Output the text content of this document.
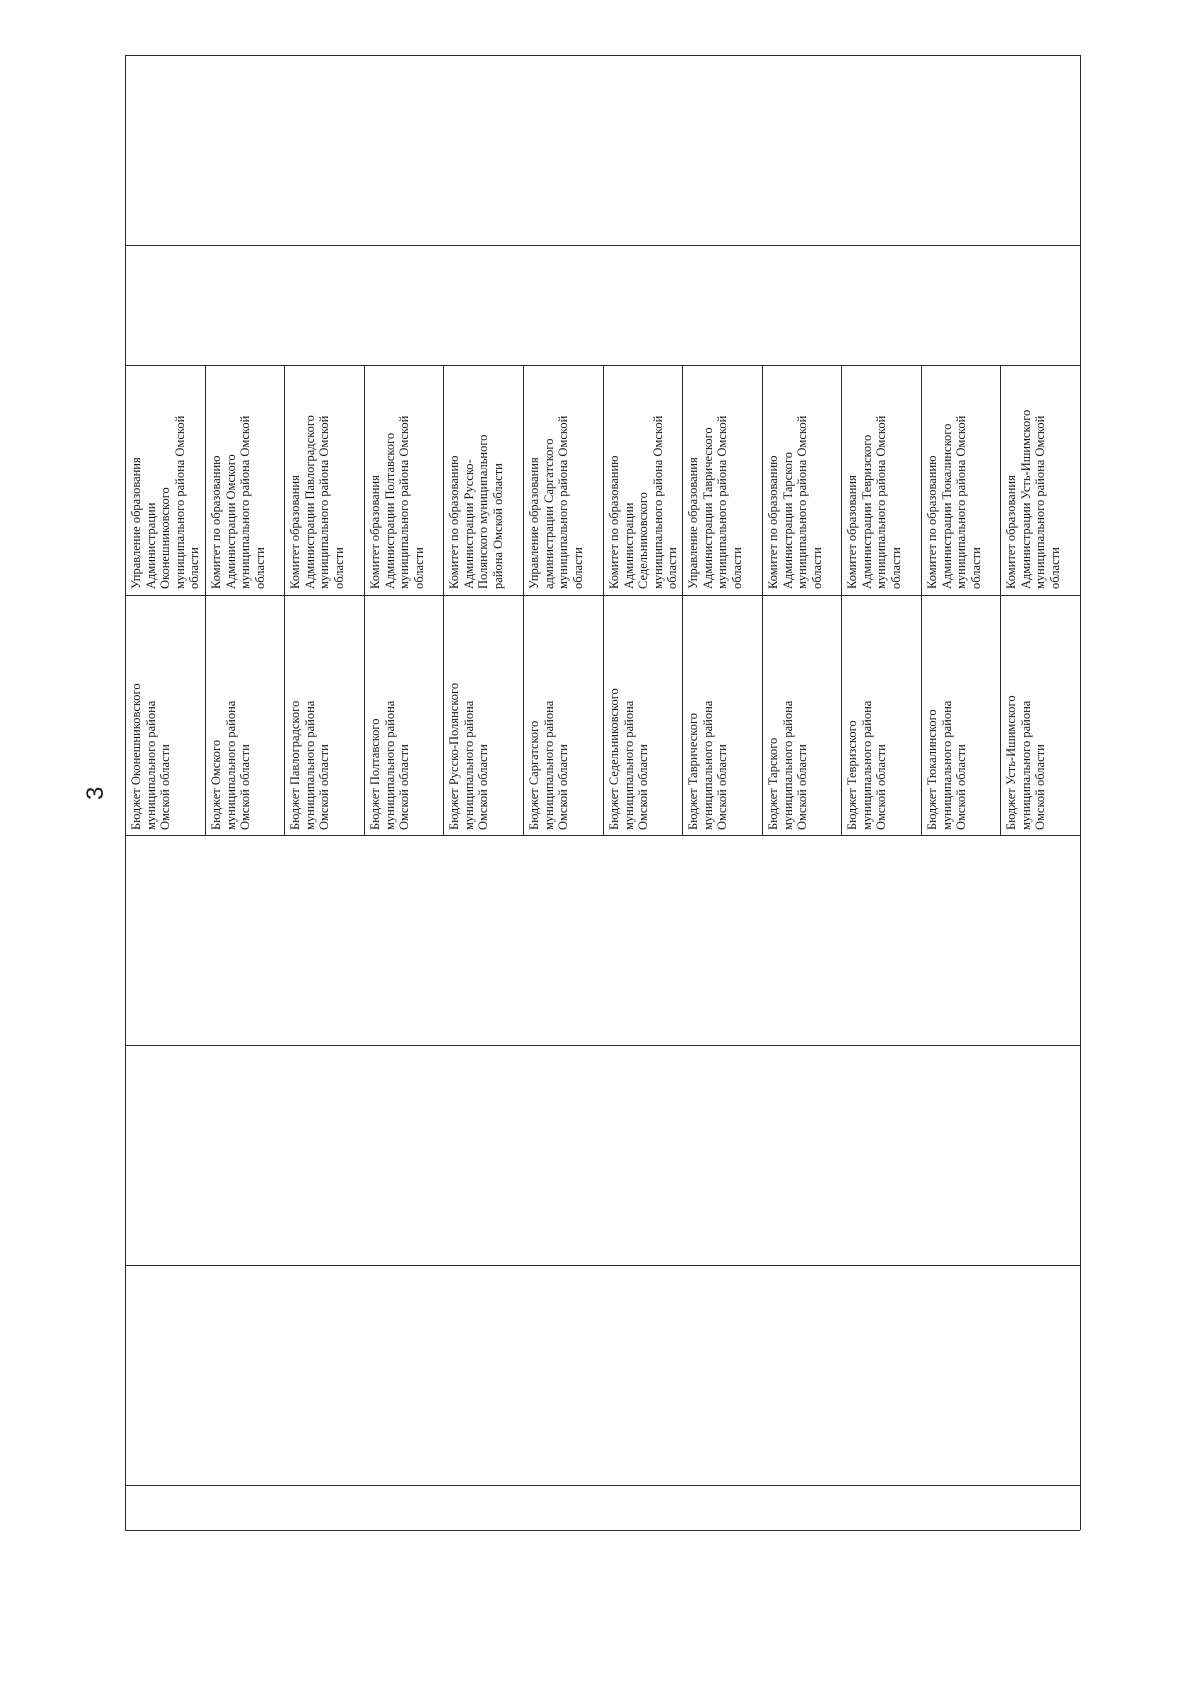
3
Управление образования
Администрации
Оконешниковского
муниципального района Омской
области
Бюджет Оконешниковского
муниципального района
Омской области
Комитет по образованию
Администрации Омского
муниципального района Омской
области
Бюджет Омского
муниципального района
Омской области
Комитет образования
Администрации Павлоградского
муниципального района Омской
области
Бюджет Павлоградского
муниципального района
Омской области
Комитет образования
Администрации Полтавского
муниципального района Омской
области
Бюджет Полтавского
муниципального района
Омской области
Комитет по образованию
Администрации Русско-
Полянского муниципального
района Омской области
Бюджет Русско-Полянского
муниципального района
Омской области
Управление образования
администрации Саргатского
муниципального района Омской
области
Бюджет Саргатского
муниципального района
Омской области
Комитет по образованию
Администрации
Седельниковского
муниципального района Омской
области
Бюджет Седельниковского
муниципального района
Омской области
Управление образования
Администрации Таврического
муниципального района Омской
области
Бюджет Таврического
муниципального района
Омской области
Комитет по образованию
Администрации Тарского
муниципального района Омской
области
Бюджет Тарского
муниципального района
Омской области
Комитет образования
Администрации Тевризского
муниципального района Омской
области
Бюджет Тевризского
муниципального района
Омской области
Комитет по образованию
Администрации Тюкалинского
муниципального района Омской
области
Бюджет Тюкалинского
муниципального района
Омской области
Комитет образования
Администрации Усть-Ишимского
муниципального района Омской
области
Бюджет Усть-Ишимского
муниципального района
Омской области
